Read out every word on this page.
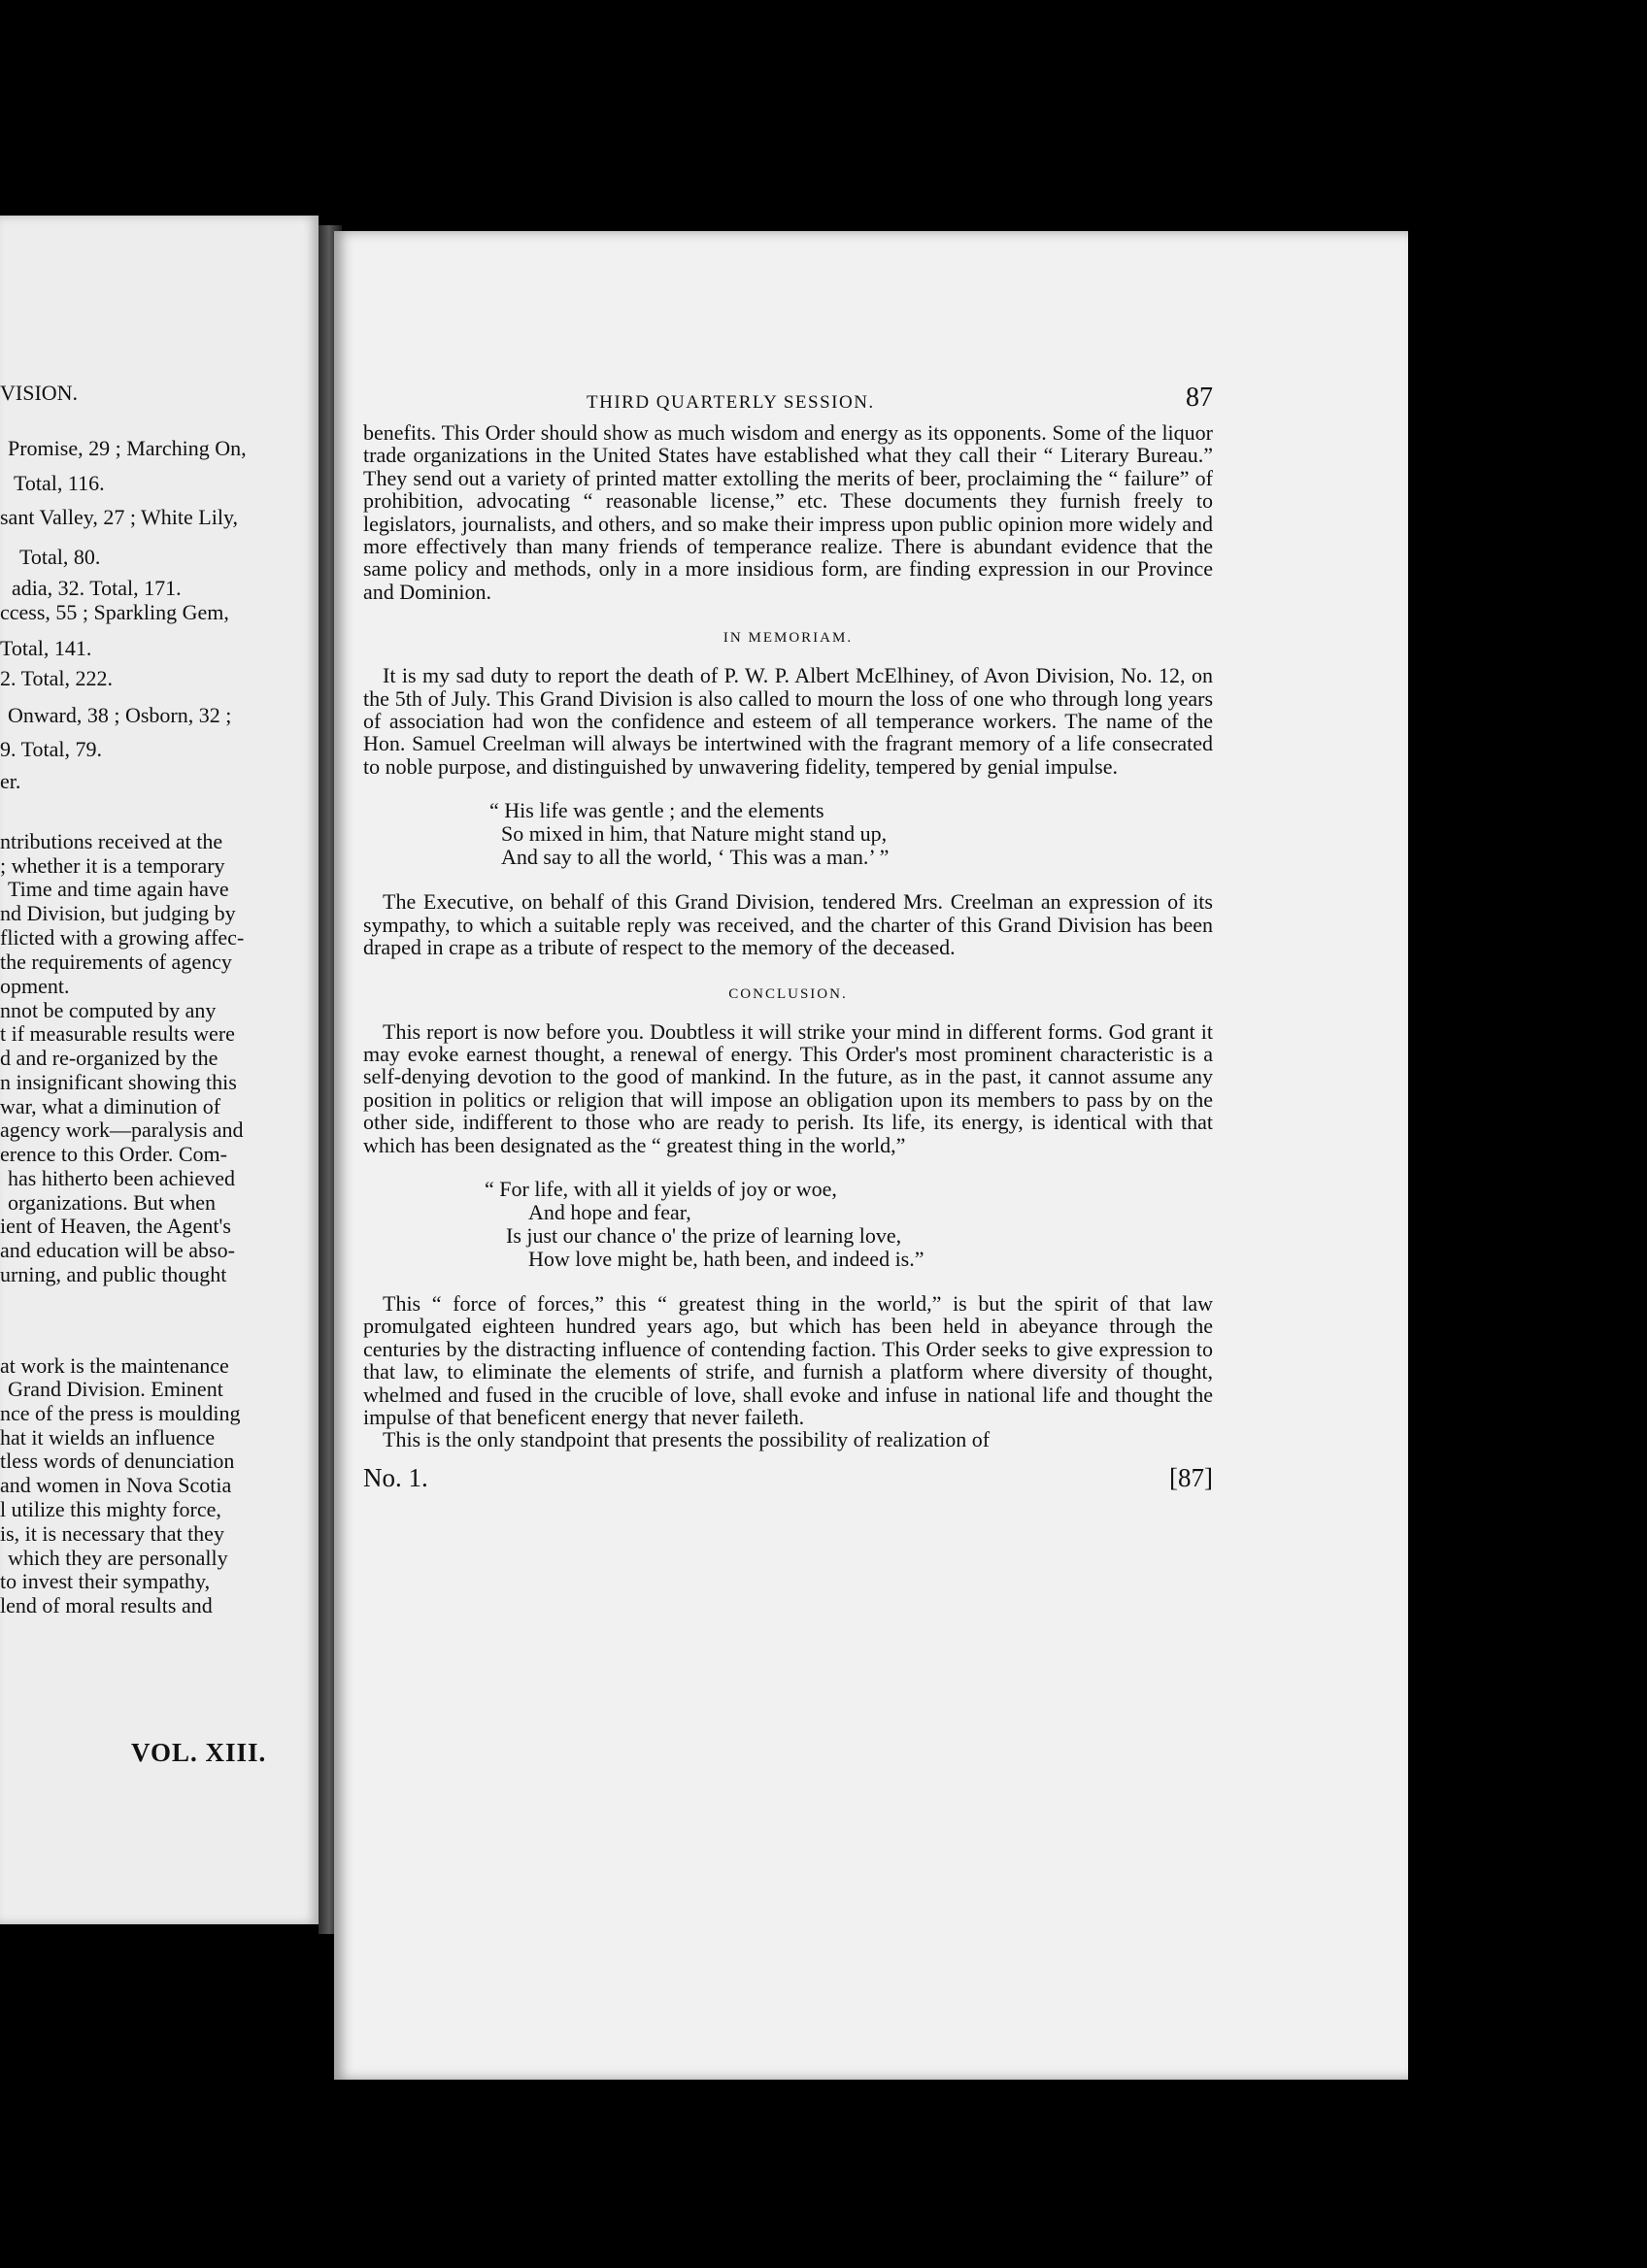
VOL. XIII.
VISION.
Promise, 29 ; Marching On,
Total, 116.
sant Valley, 27 ; White Lily,
Total, 80.
adia, 32. Total, 171.
ccess, 55 ; Sparkling Gem,
Total, 141.
2. Total, 222.
Onward, 38 ; Osborn, 32 ;
9. Total, 79.
er.
ntributions received at the
; whether it is a temporary
Time and time again have
nd Division, but judging by
flicted with a growing affec-
the requirements of agency
opment.
nnot be computed by any
t if measurable results were
d and re-organized by the
n insignificant showing this
war, what a diminution of
agency work—paralysis and
erence to this Order. Com-
has hitherto been achieved
organizations. But when
ient of Heaven, the Agent's
and education will be abso-
urning, and public thought
at work is the maintenance
Grand Division. Eminent
nce of the press is moulding
hat it wields an influence
tless words of denunciation
and women in Nova Scotia
l utilize this mighty force,
is, it is necessary that they
which they are personally
to invest their sympathy,
lend of moral results and
THIRD QUARTERLY SESSION.	87

benefits. This Order should show as much wisdom and energy as its opponents. Some of the liquor trade organizations in the United States have established what they call their “ Literary Bureau.” They send out a variety of printed matter extolling the merits of beer, proclaiming the “ failure” of prohibition, advocating “ reasonable license,” etc. These documents they furnish freely to legislators, journalists, and others, and so make their impress upon public opinion more widely and more effectively than many friends of temperance realize. There is abundant evidence that the same policy and methods, only in a more insidious form, are finding expression in our Province and Dominion.

IN MEMORIAM.

It is my sad duty to report the death of P. W. P. Albert McElhiney, of Avon Division, No. 12, on the 5th of July. This Grand Division is also called to mourn the loss of one who through long years of association had won the confidence and esteem of all temperance workers. The name of the Hon. Samuel Creelman will always be intertwined with the fragrant memory of a life consecrated to noble purpose, and distinguished by unwavering fidelity, tempered by genial impulse.

“ His life was gentle ; and the elements
So mixed in him, that Nature might stand up,
And say to all the world, ‘ This was a man.’ ”

The Executive, on behalf of this Grand Division, tendered Mrs. Creelman an expression of its sympathy, to which a suitable reply was received, and the charter of this Grand Division has been draped in crape as a tribute of respect to the memory of the deceased.

CONCLUSION.

This report is now before you. Doubtless it will strike your mind in different forms. God grant it may evoke earnest thought, a renewal of energy. This Order's most prominent characteristic is a self-denying devotion to the good of mankind. In the future, as in the past, it cannot assume any position in politics or religion that will impose an obligation upon its members to pass by on the other side, indifferent to those who are ready to perish. Its life, its energy, is identical with that which has been designated as the “ greatest thing in the world,”

“ For life, with all it yields of joy or woe,
And hope and fear,
Is just our chance o' the prize of learning love,
How love might be, hath been, and indeed is.”

This “ force of forces,” this “ greatest thing in the world,” is but the spirit of that law promulgated eighteen hundred years ago, but which has been held in abeyance through the centuries by the distracting influence of contending faction. This Order seeks to give expression to that law, to eliminate the elements of strife, and furnish a platform where diversity of thought, whelmed and fused in the crucible of love, shall evoke and infuse in national life and thought the impulse of that beneficent energy that never faileth.

This is the only standpoint that presents the possibility of realization of

No. 1.	[87]
